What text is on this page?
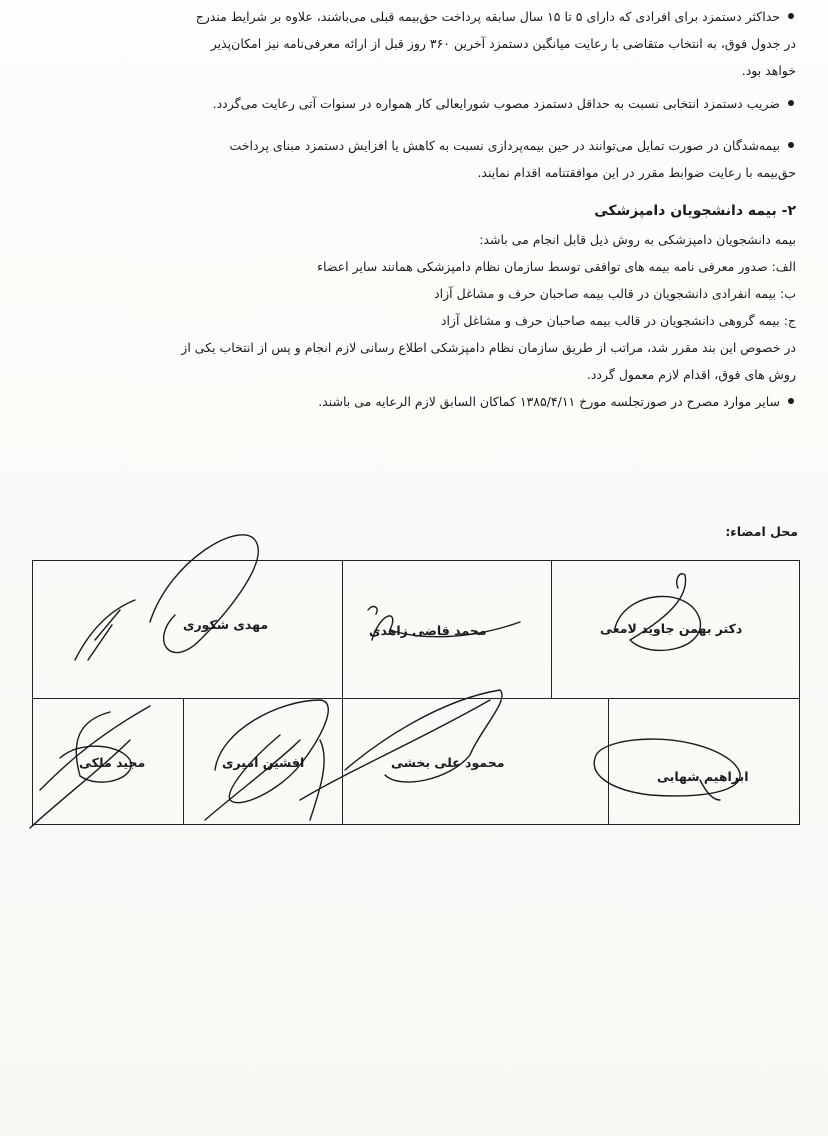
حداکثر دستمزد برای افرادی که دارای ۵ تا ۱۵ سال سابقه پرداخت حق‌بیمه قبلی می‌باشند، علاوه بر شرایط مندرج
در جدول فوق، به انتخاب متقاضی با رعایت میانگین دستمزد آخرین ۳۶۰ روز قبل از ارائه معرفی‌نامه نیز امکان‌پذیر
خواهد بود.
ضریب دستمزد انتخابی نسبت به حداقل دستمزد مصوب شورایعالی کار همواره در سنوات آتی رعایت می‌گردد.
بیمه‌شدگان در صورت تمایل می‌توانند در حین بیمه‌پردازی نسبت به کاهش یا افزایش دستمزد مبنای پرداخت
حق‌بیمه با رعایت ضوابط مقرر در این موافقتنامه اقدام نمایند.
۲- بیمه دانشجویان دامپزشکی
بیمه دانشجویان دامپزشکی به روش ذیل قابل انجام می باشد:
الف: صدور معرفی نامه بیمه های توافقی توسط سازمان نظام دامپزشکی همانند سایر اعضاء
ب: بیمه انفرادی دانشجویان در قالب بیمه صاحبان حرف و مشاغل آزاد
ج: بیمه گروهی دانشجویان در قالب بیمه صاحبان حرف و مشاغل آزاد
در خصوص این بند مقرر شد، مراتب از طریق سازمان نظام دامپزشکی اطلاع رسانی لازم انجام و پس از انتخاب یکی از
روش های فوق، اقدام لازم معمول گردد.
سایر موارد مصرح در صورتجلسه مورخ ۱۳۸۵/۴/۱۱ کماکان السابق لازم الرعایه می باشند.
محل امضاء:
مهدی شکوری		محمد قاضی زاهدی	دکتر بهمن جاوید لامعی	

مجید ملکی	افشین امیری	محمود علی بخشی		ابراهیم شهابی
